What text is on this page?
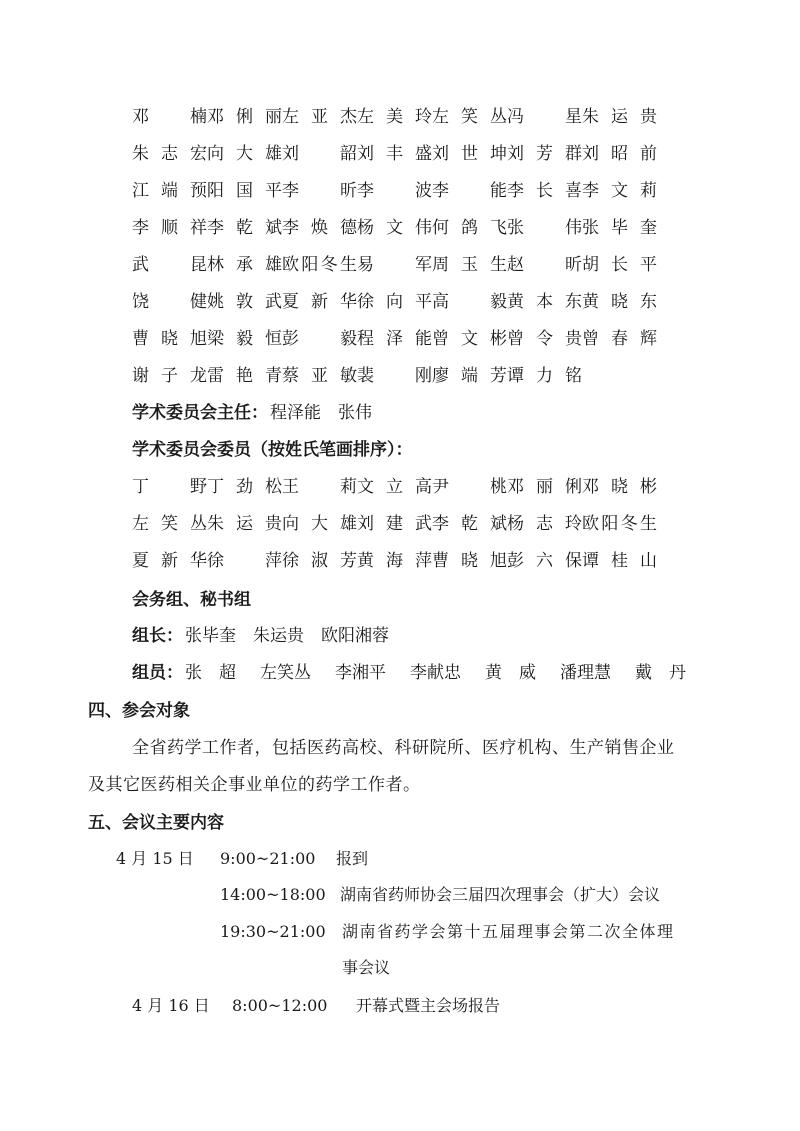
邓　楠邓俐丽左亚杰左美玲左笑丛冯　星朱运贵
朱志宏向大雄刘　韶刘丰盛刘世坤刘芳群刘昭前
江端预阳国平李　昕李　波李　能李长喜李文莉
李顺祥李乾斌李焕德杨文伟何鸽飞张　伟张毕奎
武　昆林承雄欧阳冬生易　军周玉生赵　昕胡长平
饶　健姚敦武夏新华徐向平高　毅黄本东黄晓东
曹晓旭梁毅恒彭　毅程泽能曾文彬曾令贵曾春辉
谢子龙雷艳青蔡亚敏裴　刚廖端芳谭力铭
学术委员会主任： 程泽能　张伟
学术委员会委员（按姓氏笔画排序）：
丁　野丁劲松王　莉文立高尹　桃邓丽俐邓晓彬
左笑丛朱运贵向大雄刘建武李乾斌杨志玲欧阳冬生
夏新华徐　萍徐淑芳黄海萍曹晓旭彭六保谭桂山
会务组、秘书组
组长： 张毕奎　朱运贵　欧阳湘蓉
组员： 张　超 左笑丛 李湘平 李献忠 黄　威 潘理慧 戴　丹
四、参会对象
全省药学工作者，包括医药高校、科研院所、医疗机构、生产销售企业
及其它医药相关企事业单位的药学工作者。
五、会议主要内容
4 月 15 日 9:00~21:00 报到
14:00~18:00 湖南省药师协会三届四次理事会（扩大）会议
19:30~21:00 湖南省药学会第十五届理事会第二次全体理
事会议
4 月 16 日 8:00~12:00 开幕式暨主会场报告
